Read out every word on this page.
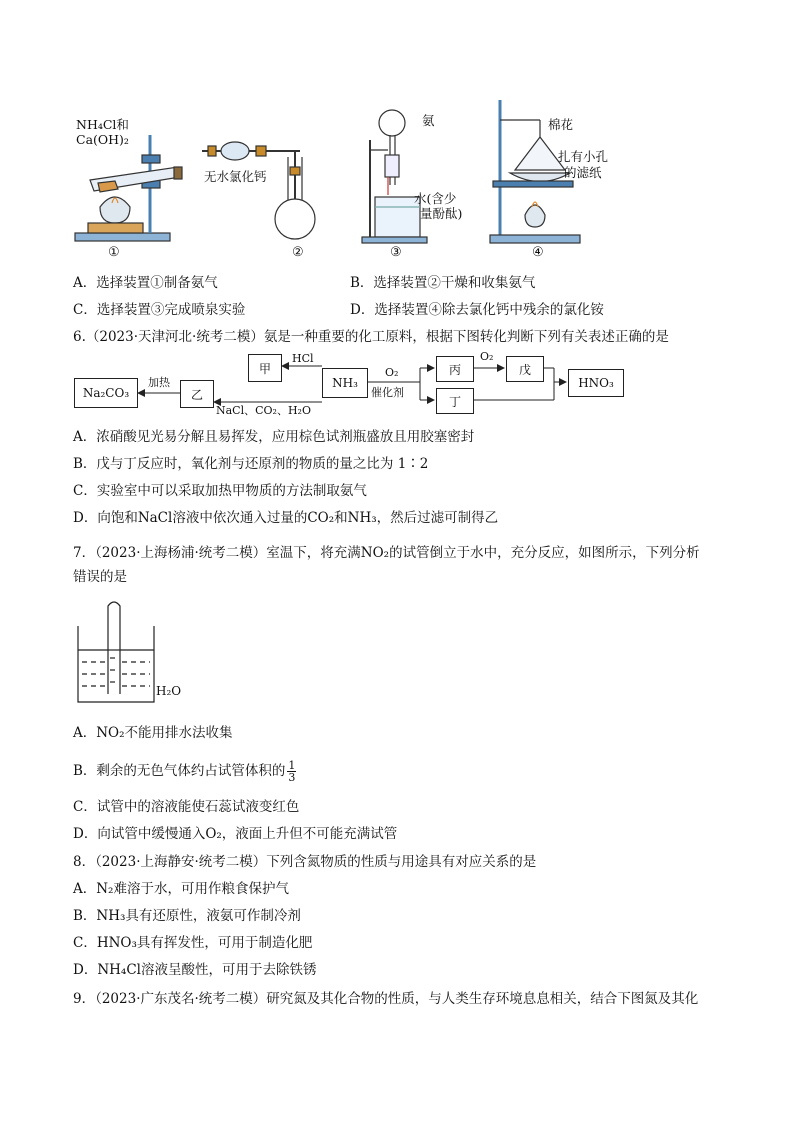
NH₄Cl和
Ca(OH)₂
无水氯化钙
氨
水(含少
量酚酞)
棉花
扎有小孔
的滤纸
①	②	③	④
A．选择装置①制备氨气	B．选择装置②干燥和收集氨气
C．选择装置③完成喷泉实验	D．选择装置④除去氯化钙中残余的氯化铵
6.（2023·天津河北·统考二模）氨是一种重要的化工原料，根据下图转化判断下列有关表述正确的是
Na₂CO₃
加热
乙
甲
HCl
NH₃
NaCl、CO₂、H₂O
O₂
催化剂
丙
丁
O₂
戊
HNO₃
A．浓硝酸见光易分解且易挥发，应用棕色试剂瓶盛放且用胶塞密封
B．戊与丁反应时，氧化剂与还原剂的物质的量之比为 1∶2
C．实验室中可以采取加热甲物质的方法制取氨气
D．向饱和NaCl溶液中依次通入过量的CO₂和NH₃，然后过滤可制得乙
7．（2023·上海杨浦·统考二模）室温下，将充满NO₂的试管倒立于水中，充分反应，如图所示，下列分析
错误的是
H₂O
A．NO₂不能用排水法收集
B．剩余的无色气体约占试管体积的 $\frac{1}{3}$
C．试管中的溶液能使石蕊试液变红色
D．向试管中缓慢通入O₂，液面上升但不可能充满试管
8．（2023·上海静安·统考二模）下列含氮物质的性质与用途具有对应关系的是
A．N₂难溶于水，可用作粮食保护气
B．NH₃具有还原性，液氨可作制冷剂
C．HNO₃具有挥发性，可用于制造化肥
D．NH₄Cl溶液呈酸性，可用于去除铁锈
9．（2023·广东茂名·统考二模）研究氮及其化合物的性质，与人类生存环境息息相关，结合下图氮及其化
